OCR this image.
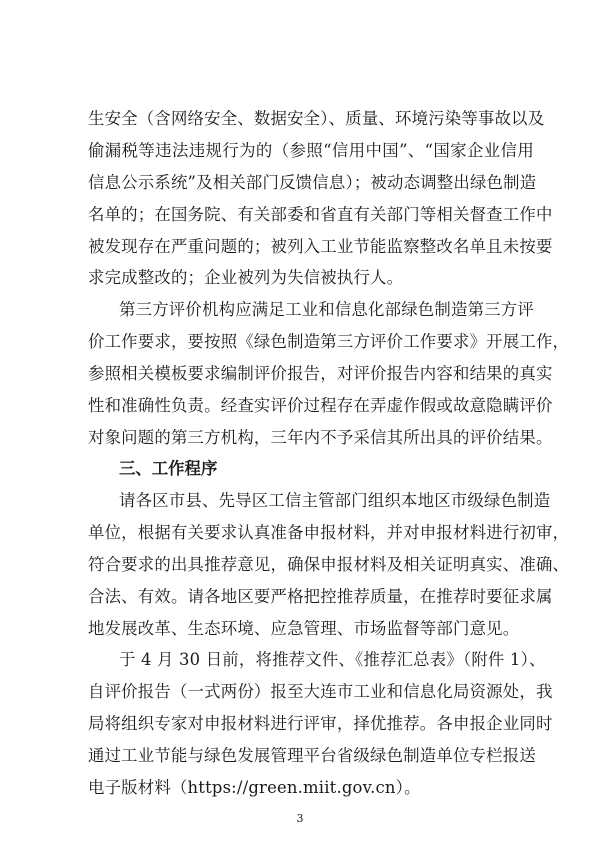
生安全（含网络安全、数据安全）、质量、环境污染等事故以及
偷漏税等违法违规行为的（参照“信用中国”、“国家企业信用
信息公示系统”及相关部门反馈信息）；被动态调整出绿色制造
名单的；在国务院、有关部委和省直有关部门等相关督查工作中
被发现存在严重问题的；被列入工业节能监察整改名单且未按要
求完成整改的；企业被列为失信被执行人。
第三方评价机构应满足工业和信息化部绿色制造第三方评
价工作要求，要按照《绿色制造第三方评价工作要求》开展工作，
参照相关模板要求编制评价报告，对评价报告内容和结果的真实
性和准确性负责。经查实评价过程存在弄虚作假或故意隐瞒评价
对象问题的第三方机构，三年内不予采信其所出具的评价结果。
三、工作程序
请各区市县、先导区工信主管部门组织本地区市级绿色制造
单位，根据有关要求认真准备申报材料，并对申报材料进行初审，
符合要求的出具推荐意见，确保申报材料及相关证明真实、准确、
合法、有效。请各地区要严格把控推荐质量，在推荐时要征求属
地发展改革、生态环境、应急管理、市场监督等部门意见。
于 4 月 30 日前，将推荐文件、《推荐汇总表》（附件 1）、
自评价报告（一式两份）报至大连市工业和信息化局资源处，我
局将组织专家对申报材料进行评审，择优推荐。各申报企业同时
通过工业节能与绿色发展管理平台省级绿色制造单位专栏报送
电子版材料（https://green.miit.gov.cn）。
3
